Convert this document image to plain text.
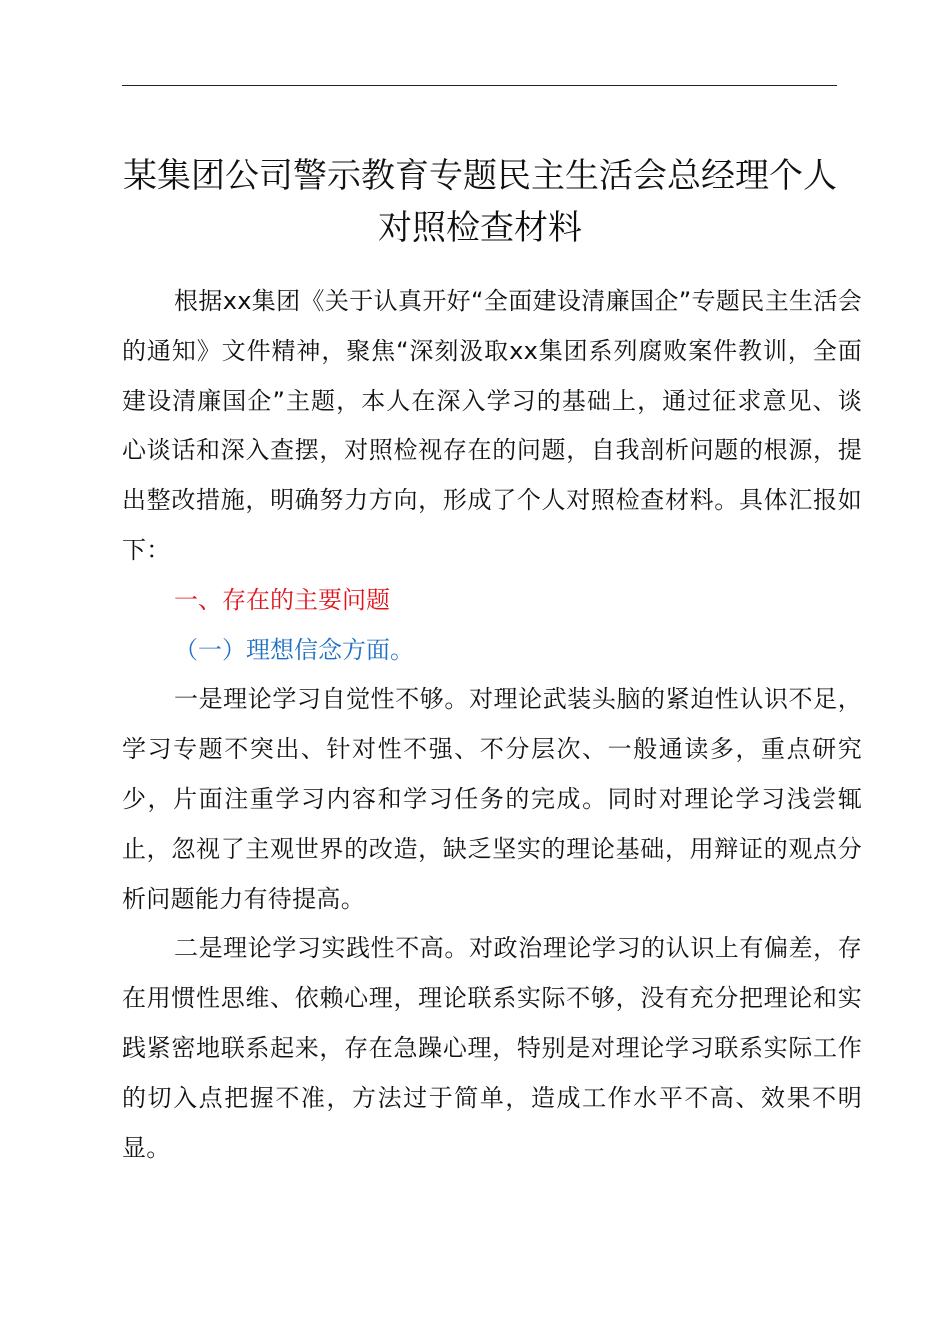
某集团公司警示教育专题民主生活会总经理个人对照检查材料

根据xx集团《关于认真开好“全面建设清廉国企”专题民主生活会的通知》文件精神，聚焦“深刻汲取xx集团系列腐败案件教训，全面建设清廉国企”主题，本人在深入学习的基础上，通过征求意见、谈心谈话和深入查摆，对照检视存在的问题，自我剖析问题的根源，提出整改措施，明确努力方向，形成了个人对照检查材料。具体汇报如下：

一、存在的主要问题

（一）理想信念方面。

一是理论学习自觉性不够。对理论武装头脑的紧迫性认识不足，学习专题不突出、针对性不强、不分层次、一般通读多，重点研究少，片面注重学习内容和学习任务的完成。同时对理论学习浅尝辄止，忽视了主观世界的改造，缺乏坚实的理论基础，用辩证的观点分析问题能力有待提高。

二是理论学习实践性不高。对政治理论学习的认识上有偏差，存在用惯性思维、依赖心理，理论联系实际不够，没有充分把理论和实践紧密地联系起来，存在急躁心理，特别是对理论学习联系实际工作的切入点把握不准，方法过于简单，造成工作水平不高、效果不明显。
